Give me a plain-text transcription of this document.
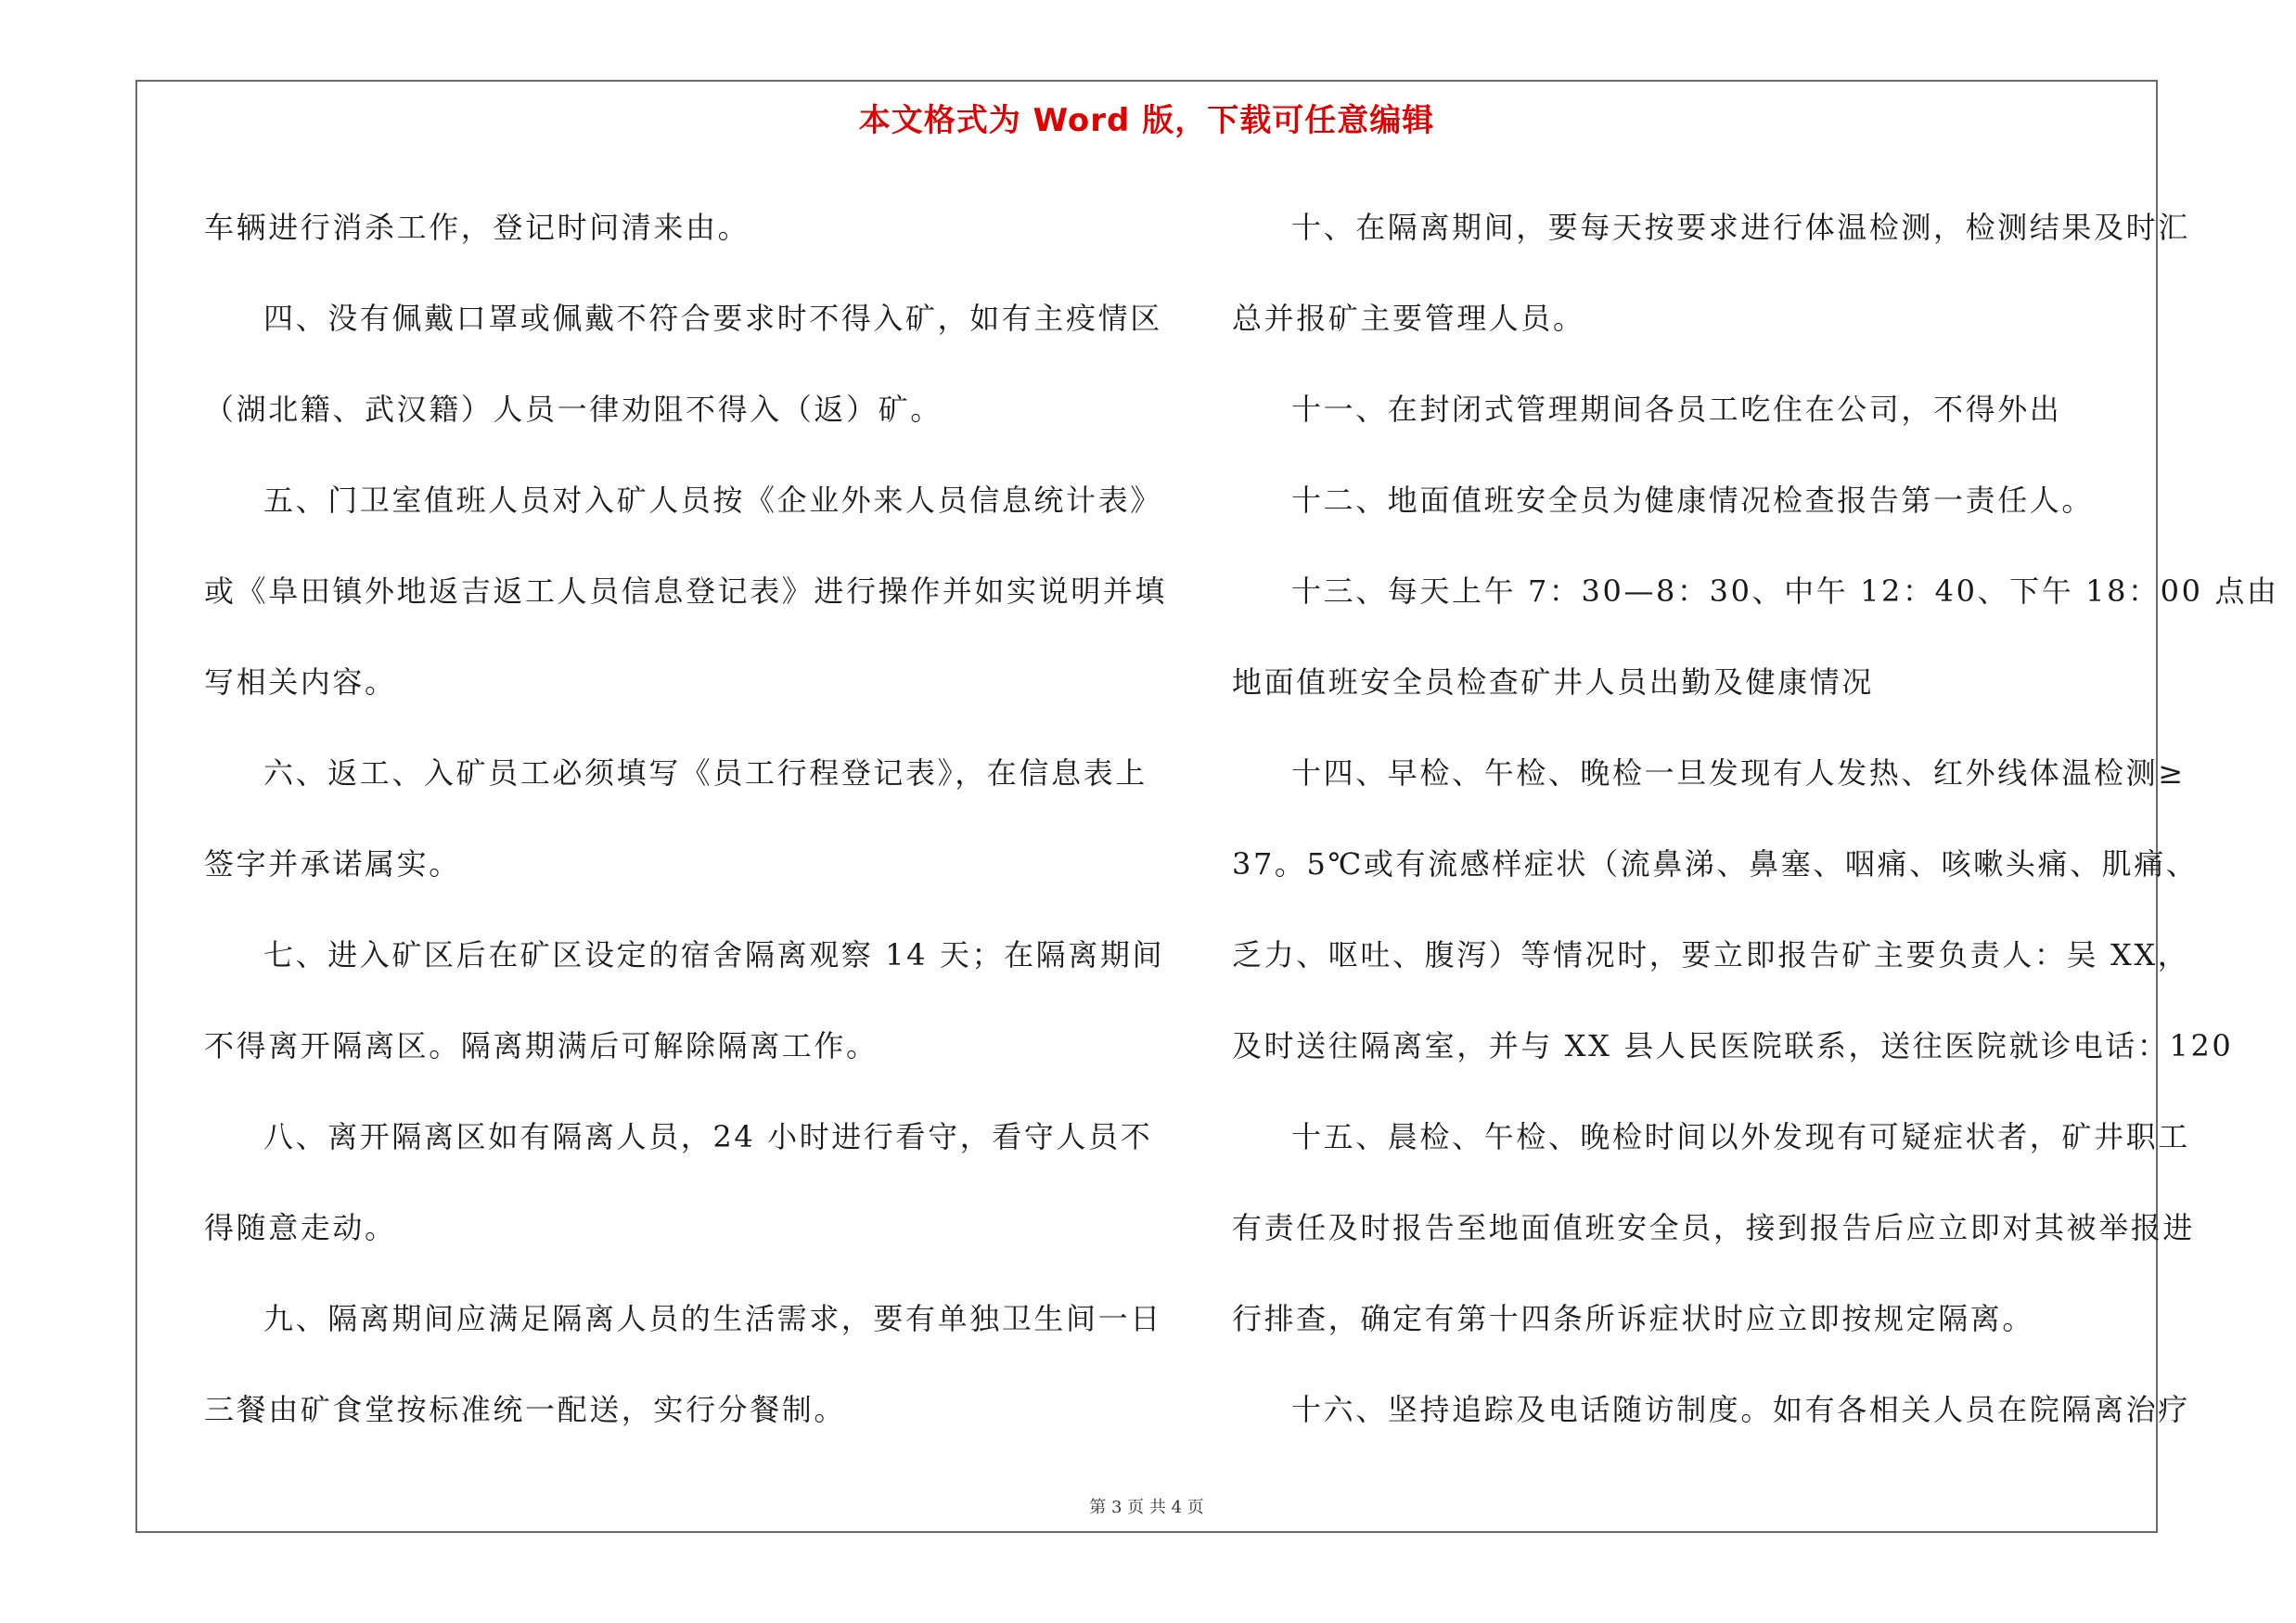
本文格式为 Word 版，下载可任意编辑
车辆进行消杀工作，登记时问清来由。
四、没有佩戴口罩或佩戴不符合要求时不得入矿，如有主疫情区
（湖北籍、武汉籍）人员一律劝阻不得入（返）矿。
五、门卫室值班人员对入矿人员按《企业外来人员信息统计表》
或《阜田镇外地返吉返工人员信息登记表》进行操作并如实说明并填
写相关内容。
六、返工、入矿员工必须填写《员工行程登记表》，在信息表上
签字并承诺属实。
七、进入矿区后在矿区设定的宿舍隔离观察 14 天；在隔离期间
不得离开隔离区。隔离期满后可解除隔离工作。
八、离开隔离区如有隔离人员，24 小时进行看守，看守人员不
得随意走动。
九、隔离期间应满足隔离人员的生活需求，要有单独卫生间一日
三餐由矿食堂按标准统一配送，实行分餐制。
十、在隔离期间，要每天按要求进行体温检测，检测结果及时汇
总并报矿主要管理人员。
十一、在封闭式管理期间各员工吃住在公司，不得外出
十二、地面值班安全员为健康情况检查报告第一责任人。
十三、每天上午 7：30—8：30、中午 12：40、下午 18：00 点由
地面值班安全员检查矿井人员出勤及健康情况
十四、早检、午检、晚检一旦发现有人发热、红外线体温检测≥
37。5℃或有流感样症状（流鼻涕、鼻塞、咽痛、咳嗽头痛、肌痛、
乏力、呕吐、腹泻）等情况时，要立即报告矿主要负责人：吴 XX，
及时送往隔离室，并与 XX 县人民医院联系，送往医院就诊电话：120
十五、晨检、午检、晚检时间以外发现有可疑症状者，矿井职工
有责任及时报告至地面值班安全员，接到报告后应立即对其被举报进
行排查，确定有第十四条所诉症状时应立即按规定隔离。
十六、坚持追踪及电话随访制度。如有各相关人员在院隔离治疗
第 3 页 共 4 页
